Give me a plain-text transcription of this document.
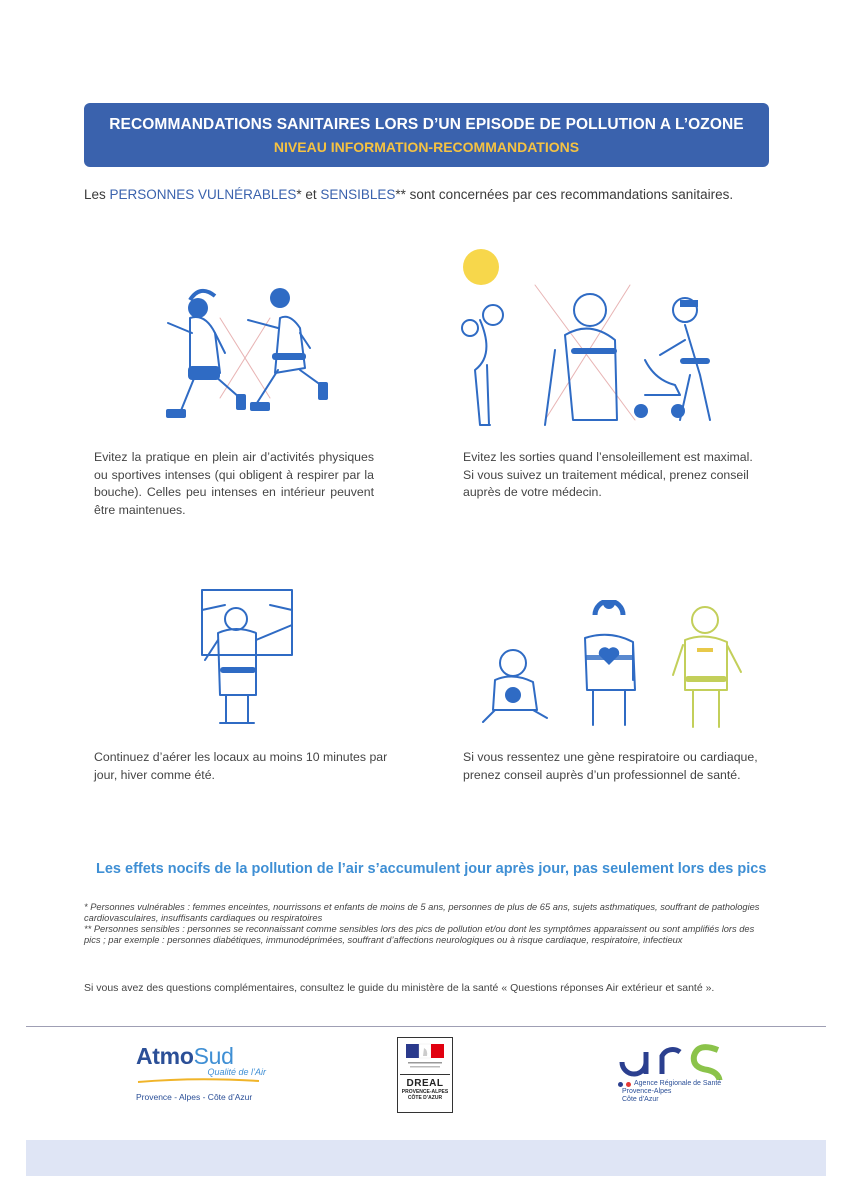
RECOMMANDATIONS SANITAIRES LORS D’UN EPISODE DE POLLUTION A L’OZONE
NIVEAU INFORMATION-RECOMMANDATIONS
Les PERSONNES VULNÉRABLES* et SENSIBLES** sont concernées par ces recommandations sanitaires.
Evitez la pratique en plein air d’activités physiques ou sportives intenses (qui obligent à respirer par la bouche). Celles peu intenses en intérieur peuvent être maintenues.
Evitez les sorties quand l’ensoleillement est maximal. Si vous suivez un traitement médical, prenez conseil auprès de votre médecin.
Continuez d’aérer les locaux au moins 10 minutes par jour, hiver comme été.
Si vous ressentez une gène respiratoire ou cardiaque, prenez conseil auprès d’un professionnel de santé.
Les effets nocifs de la pollution de l’air s’accumulent jour après jour, pas seulement lors des pics

* Personnes vulnérables : femmes enceintes, nourrissons et enfants de moins de 5 ans, personnes de plus de 65 ans, sujets asthmatiques, souffrant de pathologies cardiovasculaires, insuffisants cardiaques ou respiratoires

** Personnes sensibles : personnes se reconnaissant comme sensibles lors des pics de pollution et/ou dont les symptômes apparaissent ou sont amplifiés lors des pics ; par exemple : personnes diabétiques, immunodéprimées, souffrant d’affections neurologiques ou à risque cardiaque, respiratoire, infectieux

Si vous avez des questions complémentaires, consultez le guide du ministère de la santé « Questions réponses Air extérieur et santé ».
AtmoSud
Qualité de l’Air
Provence - Alpes - Côte d’Azur
DREAL
PROVENCE-ALPES
CÔTE D’AZUR
Agence Régionale de Santé
Provence-Alpes
Côte d’Azur
